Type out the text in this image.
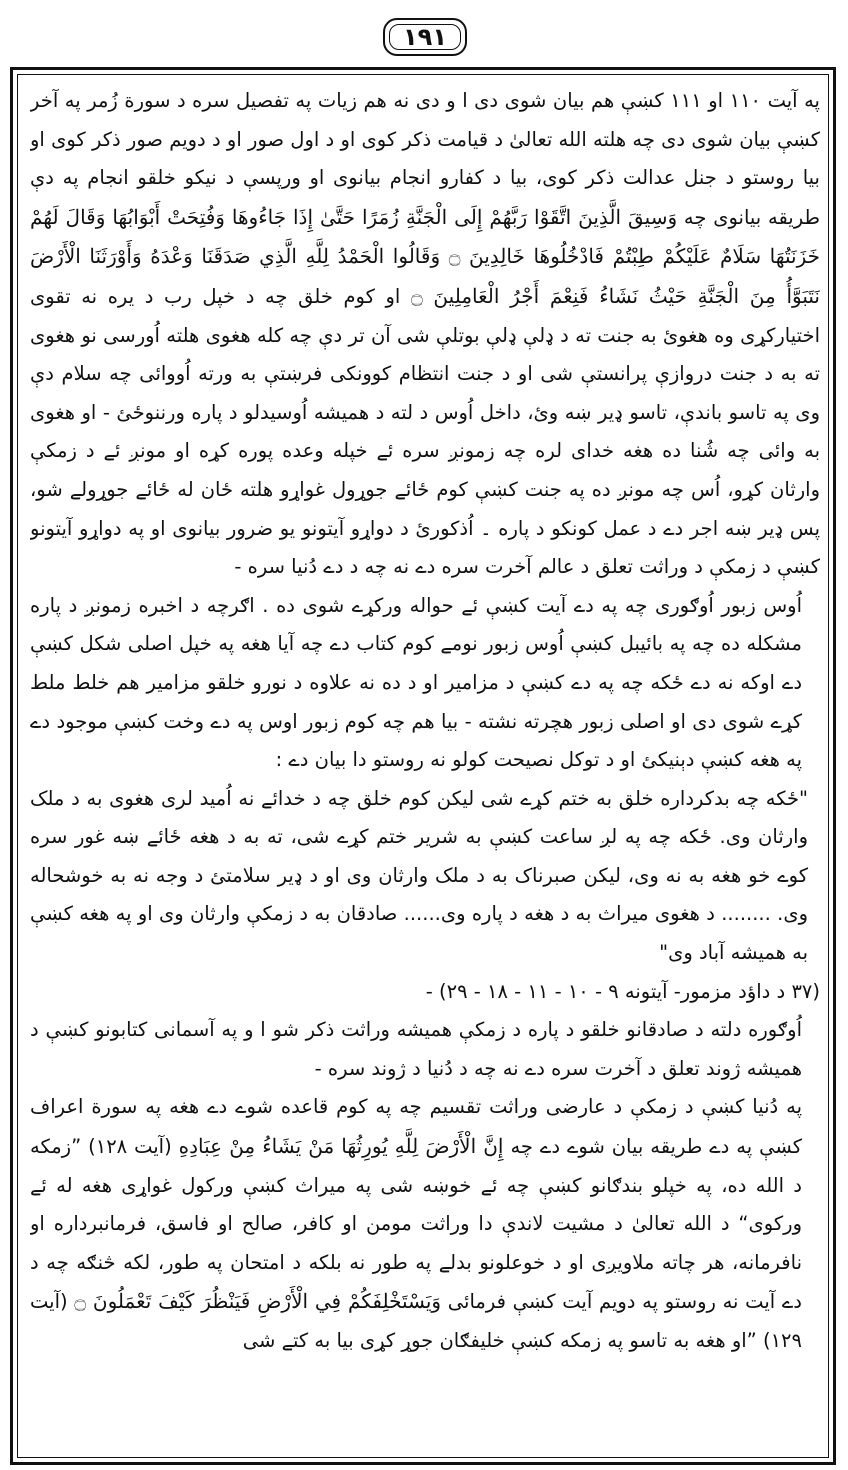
۱۹۱

په آیت ۱۱۰ او ۱۱۱ کښې هم بیان شوی دی ا و دی نه هم زیات په تفصیل سره د سورة زُمر په آخر کښې بیان شوی دی چه هلته الله تعالیٰ د قیامت ذکر کوی او د اول صور او د دویم صور ذکر کوی او بیا روستو د جنل عدالت ذکر کوی، بیا د کفارو انجام بیانوی او ورپسې د نیکو خلقو انجام په دې طریقه بیانوی چه وَسِيقَ الَّذِينَ اتَّقَوْا رَبَّهُمْ إِلَى الْجَنَّةِ زُمَرًا حَتَّىٰ إِذَا جَاءُوهَا وَفُتِحَتْ أَبْوَابُهَا وَقَالَ لَهُمْ خَزَنَتُهَا سَلَامٌ عَلَيْكُمْ طِبْتُمْ فَادْخُلُوهَا خَالِدِينَ ۝ وَقَالُوا الْحَمْدُ لِلَّهِ الَّذِي صَدَقَنَا وَعْدَهُ وَأَوْرَثَنَا الْأَرْضَ نَتَبَوَّأُ مِنَ الْجَنَّةِ حَيْثُ نَشَاءُ فَنِعْمَ أَجْرُ الْعَامِلِينَ ۝ او کوم خلق چه د خپل رب د یره نه تقوی اختیارکړی وه هغوئ به جنت ته د ډلې ډلې بوتلې شی آن تر دې چه کله هغوی هلته اُورسی نو هغوی ته به د جنت دروازې پرانستې شی او د جنت انتظام کوونکی فرښتې به ورته اُووائی چه سلام دې وی په تاسو باندې، تاسو ډیر ښه وئ، داخل اُوس د لته د هميشه اُوسیدلو د پاره ورننوځئ - او هغوی به وائی چه شُنا ده هغه خدای لره چه زمونږ سره ئے خپله وعده پوره کړه او مونږ ئے د زمکې وارثان کړو، اُس چه مونږ ده په جنت کښې کوم ځائے جوړول غواړو هلته ځان له ځائے جوړولے شو، پس ډیر ښه اجر دے د عمل کونکو د پاره ۔ اُذکورئ د دواړو آیتونو یو ضرور بیانوی او په دواړو آیتونو کښې د زمکې د وراثت تعلق د عالم آخرت سره دے نه چه د دے دُنیا سره -

اُوس زبور اُوګوری چه په دے آیت کښې ئے حواله ورکړے شوی ده . اګرچه د اخبره زمونږ د پاره مشکله ده چه په بائیبل کښې اُوس زبور نومے کوم کتاب دے چه آیا هغه په خپل اصلی شکل کښې دے اوکه نه دے ځکه چه په دے کښې د مزامیر او د ده نه علاوه د نورو خلقو مزامیر هم خلط ملط کړے شوی دی او اصلی زبور هچرته نشته - بیا هم چه کوم زبور اوس په دے وخت کښې موجود دے په هغه کښې دېنیکئ او د توکل نصیحت کولو نه روستو دا بیان دے :

"ځکه چه بدکرداره خلق به ختم کړے شی لیکن کوم خلق چه د خدائے نه اُمید لری هغوی به د ملک وارثان وی. ځکه چه په لږ ساعت کښې به شریر ختم کړے شی، ته به د هغه ځائے ښه غور سره کوے خو هغه به نه وی، لیکن صبرناک به د ملک وارثان وی او د ډیر سلامتئ د وجه نه به خوشحاله وی. ........ د هغوی میراث به د هغه د پاره وی...... صادقان به د زمکې وارثان وی او په هغه کښې به همیشه آباد وی"

(۳۷ د داؤد مزمور- آیتونه ۹ - ۱۰ - ۱۱ - ۱۸ - ۲۹) -

اُوګوره دلته د صادقانو خلقو د پاره د زمکې همیشه وراثت ذکر شو ا و په آسمانی کتابونو کښې د همیشه ژوند تعلق د آخرت سره دے نه چه د دُنیا د ژوند سره -

په دُنیا کښې د زمکې د عارضی وراثت تقسیم چه په کوم قاعده شوے دے هغه په سورة اعراف کښې په دے طریقه بیان شوے دے چه إِنَّ الْأَرْضَ لِلَّهِ يُورِثُهَا مَنْ يَشَاءُ مِنْ عِبَادِهِ (آیت ۱۲۸) ”زمکه د الله ده، په خپلو بندګانو کښې چه ئے خوښه شی په میراث کښې ورکول غواړی هغه له ئے ورکوی“ د الله تعالیٰ د مشیت لاندې دا وراثت مومن او کافر، صالح او فاسق، فرمانبرداره او نافرمانه، هر چاته ملاویږی او د خوعلونو بدلے په طور نه بلکه د امتحان په طور، لکه څنګه چه د دے آیت نه روستو په دویم آیت کښې فرمائی وَيَسْتَخْلِفَكُمْ فِي الْأَرْضِ فَيَنْظُرَ كَيْفَ تَعْمَلُونَ ۝ (آیت ۱۲۹) ”او هغه به تاسو په زمکه کښې خلیفګان جوړ کړی بیا به کتے شی
